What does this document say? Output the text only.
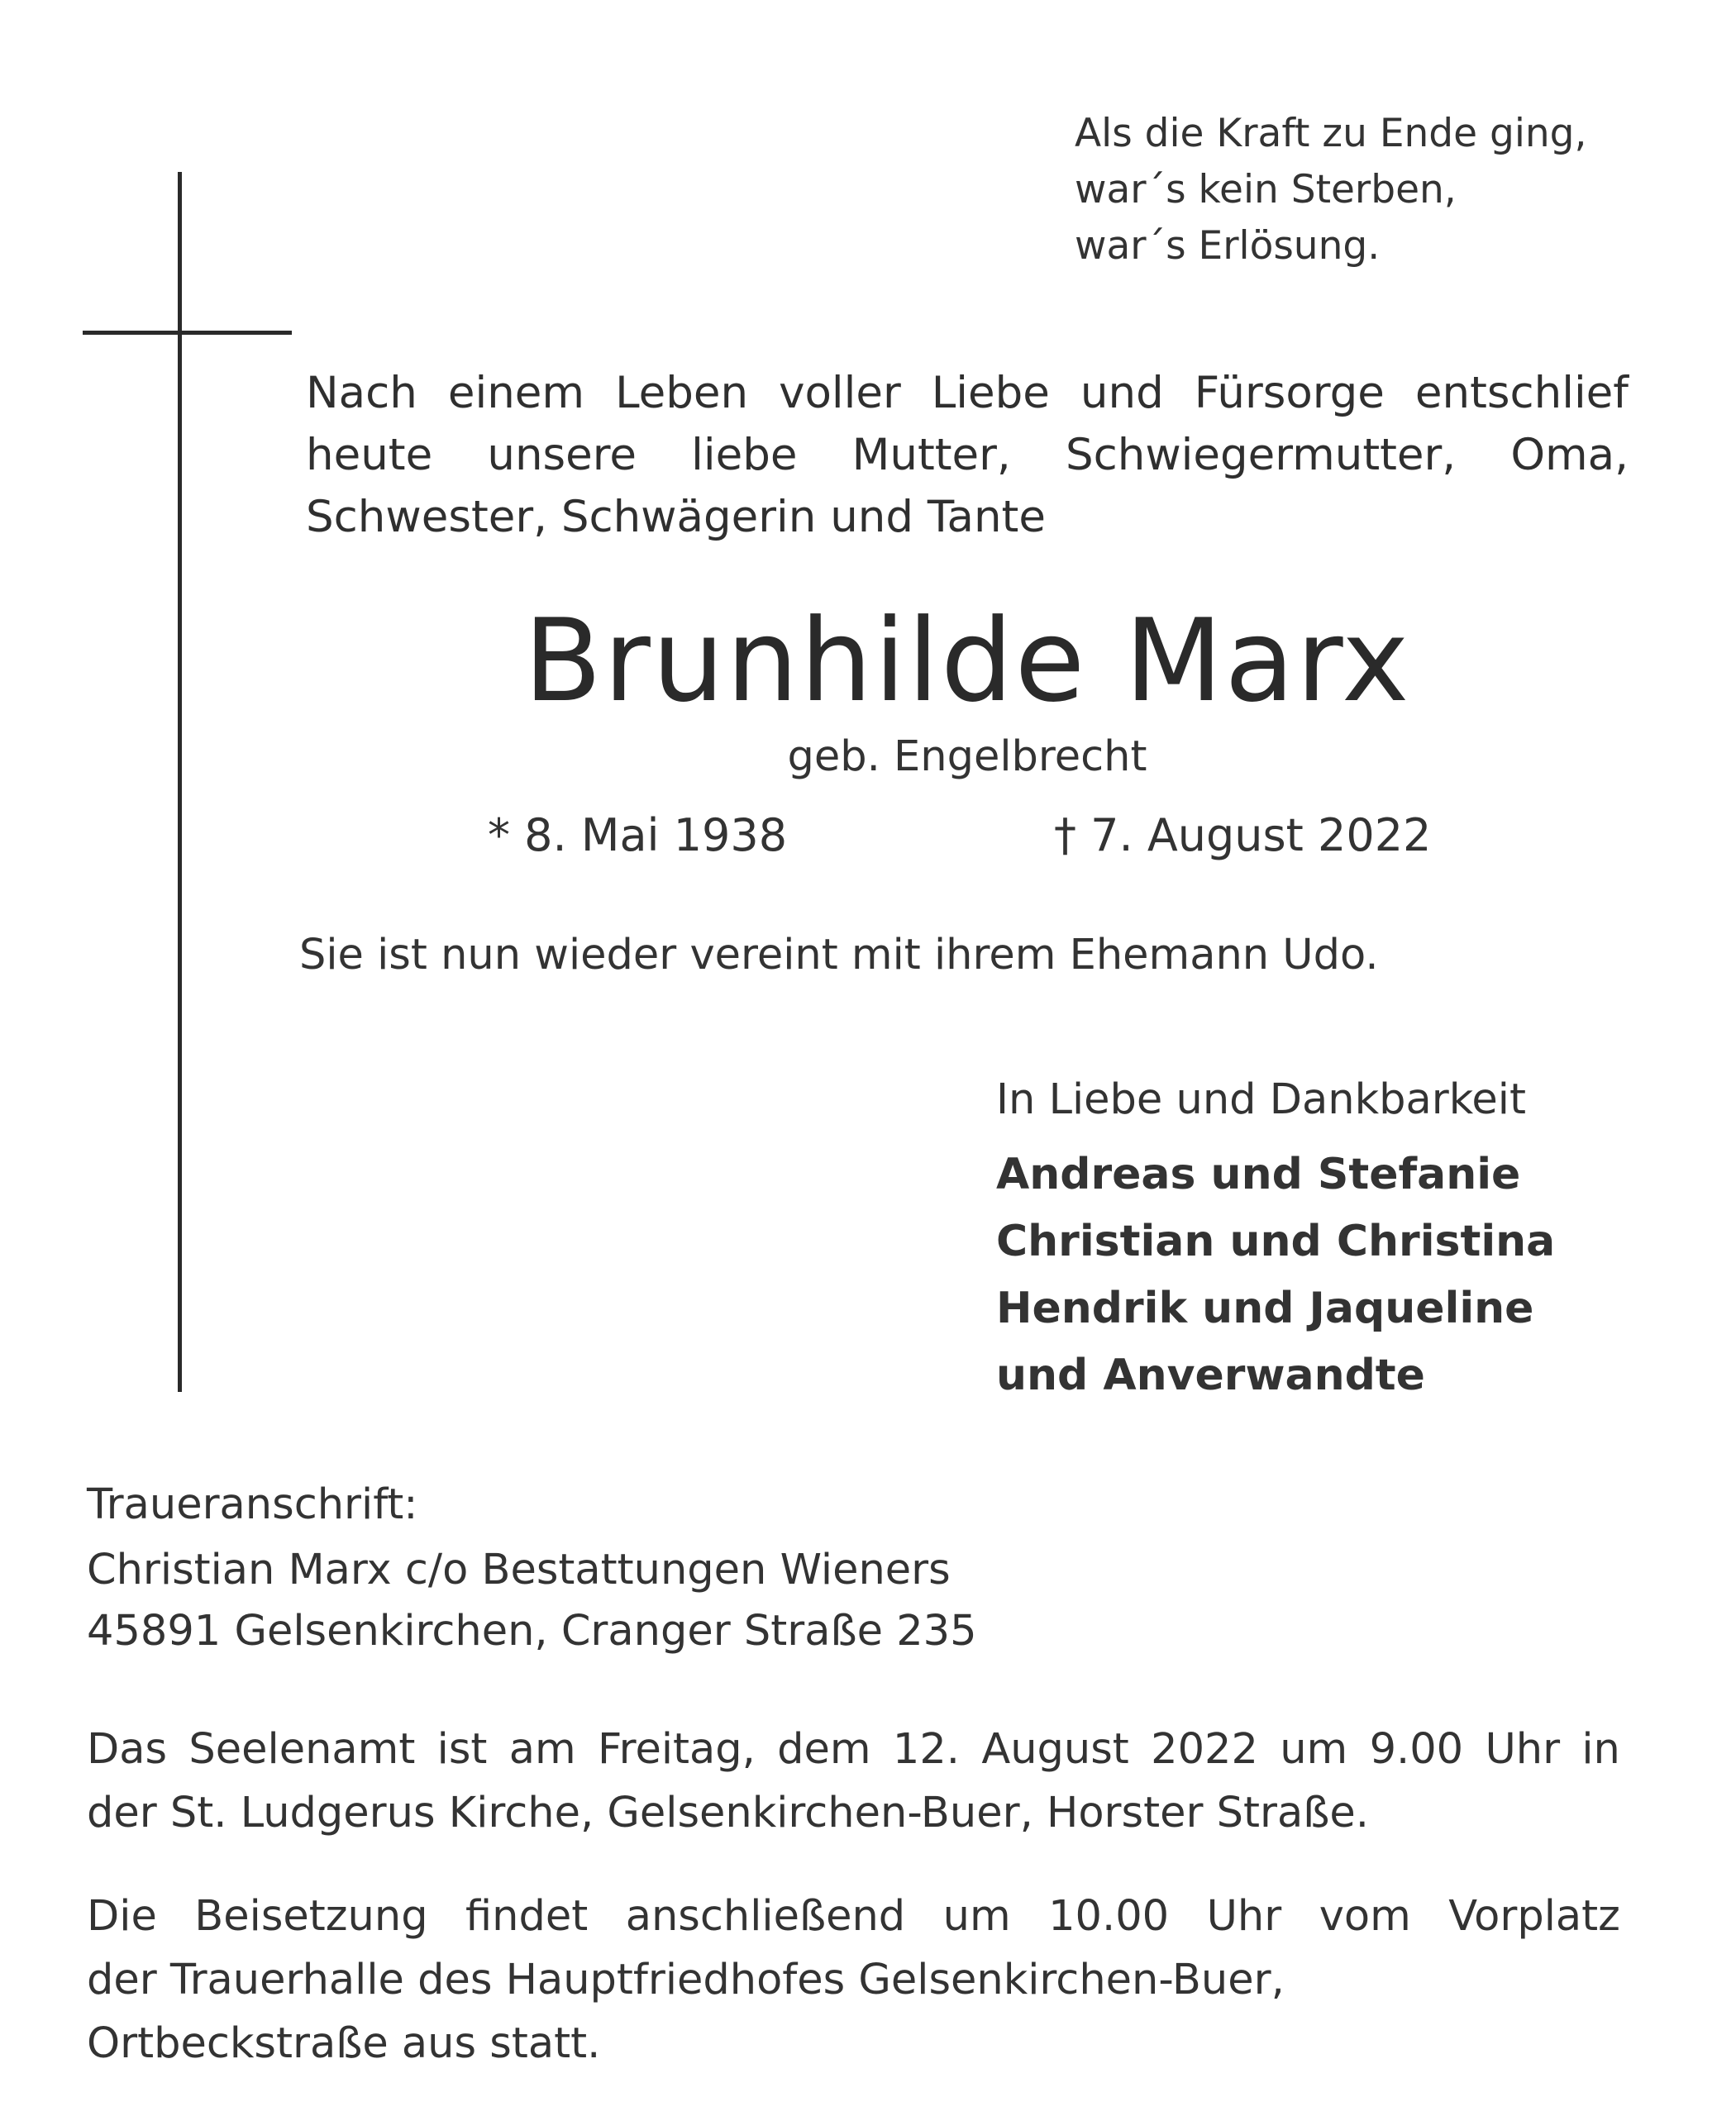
Als die Kraft zu Ende ging,
war´s kein Sterben,
war´s Erlösung.
Nach einem Leben voller Liebe und Fürsorge entschlief
heute unsere liebe Mutter, Schwiegermutter, Oma,
Schwester, Schwägerin und Tante
Brunhilde Marx
geb. Engelbrecht
* 8. Mai 1938	† 7. August 2022
Sie ist nun wieder vereint mit ihrem Ehemann Udo.
In Liebe und Dankbarkeit
Andreas und Stefanie
Christian und Christina
Hendrik und Jaqueline
und Anverwandte
Traueranschrift:
Christian Marx c/o Bestattungen Wieners
45891 Gelsenkirchen, Cranger Straße 235
Das Seelenamt ist am Freitag, dem 12. August 2022 um 9.00 Uhr in
der St. Ludgerus Kirche, Gelsenkirchen-Buer, Horster Straße.
Die Beisetzung findet anschließend um 10.00 Uhr vom Vorplatz
der Trauerhalle des Hauptfriedhofes Gelsenkirchen-Buer,
Ortbeckstraße aus statt.
